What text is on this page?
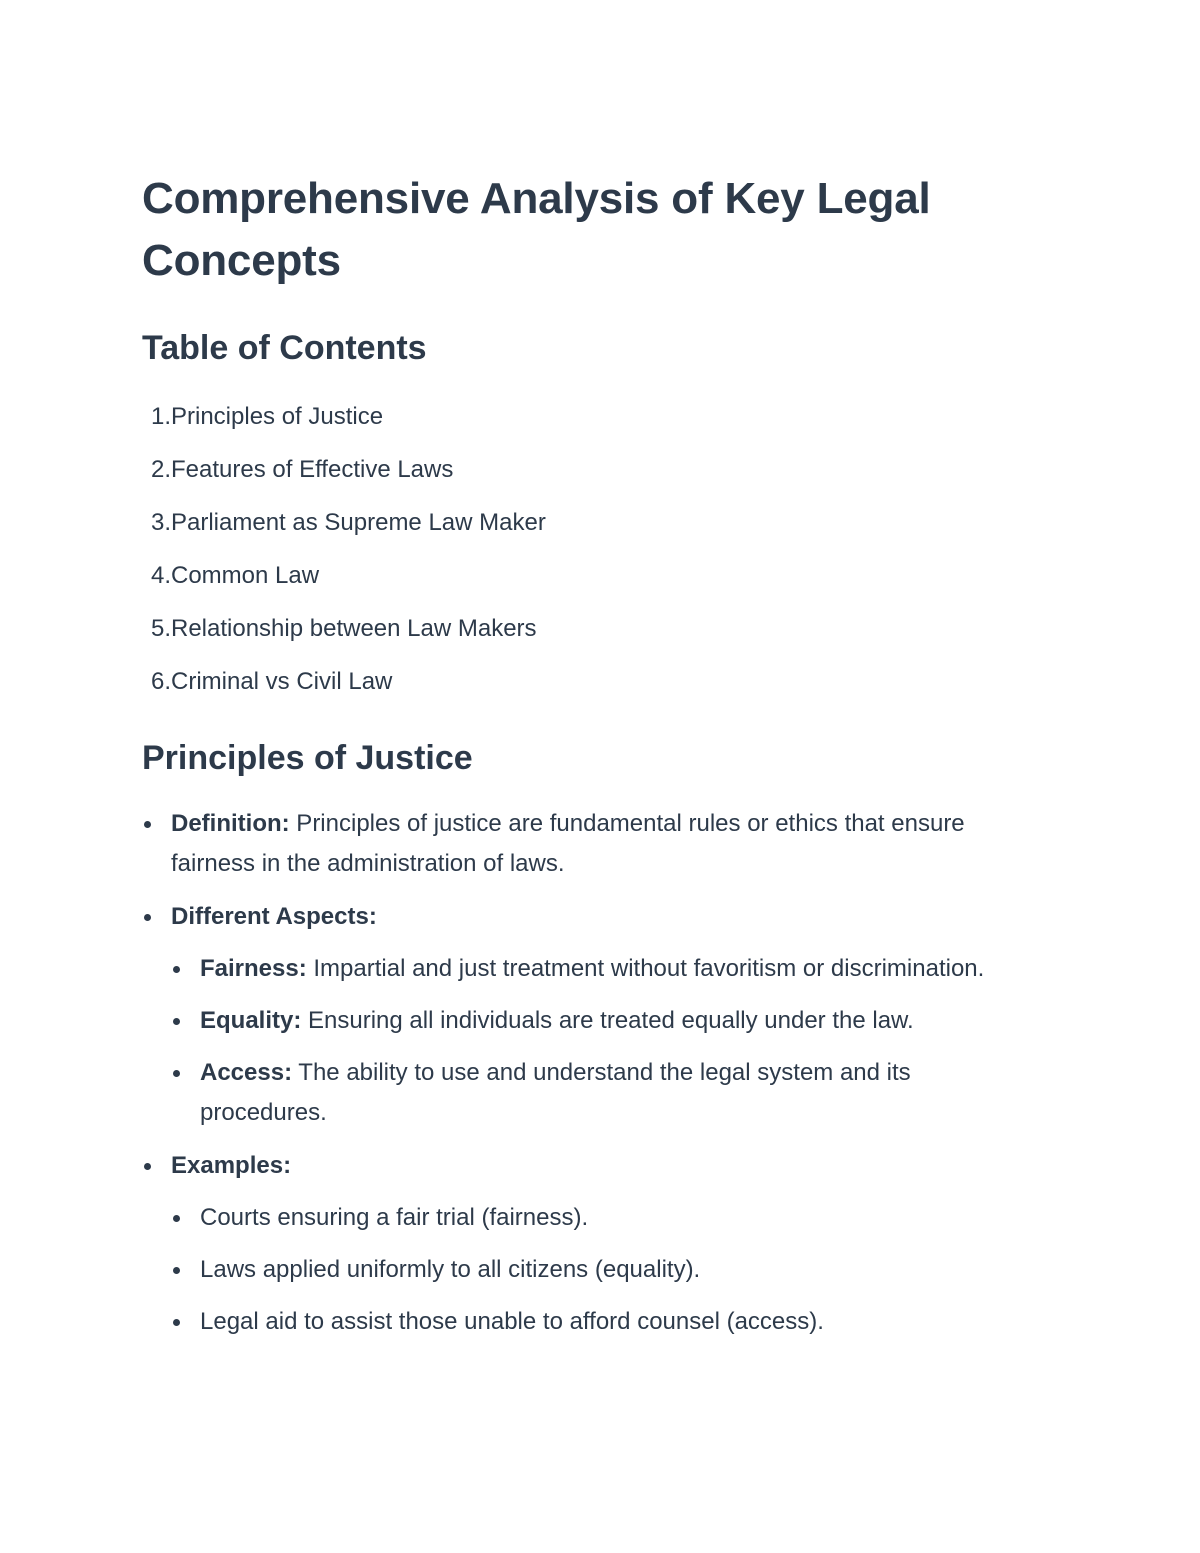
Comprehensive Analysis of Key Legal Concepts
Table of Contents
1. Principles of Justice
2. Features of Effective Laws
3. Parliament as Supreme Law Maker
4. Common Law
5. Relationship between Law Makers
6. Criminal vs Civil Law
Principles of Justice
Definition: Principles of justice are fundamental rules or ethics that ensure fairness in the administration of laws.
Different Aspects:
Fairness: Impartial and just treatment without favoritism or discrimination.
Equality: Ensuring all individuals are treated equally under the law.
Access: The ability to use and understand the legal system and its procedures.
Examples:
Courts ensuring a fair trial (fairness).
Laws applied uniformly to all citizens (equality).
Legal aid to assist those unable to afford counsel (access).
